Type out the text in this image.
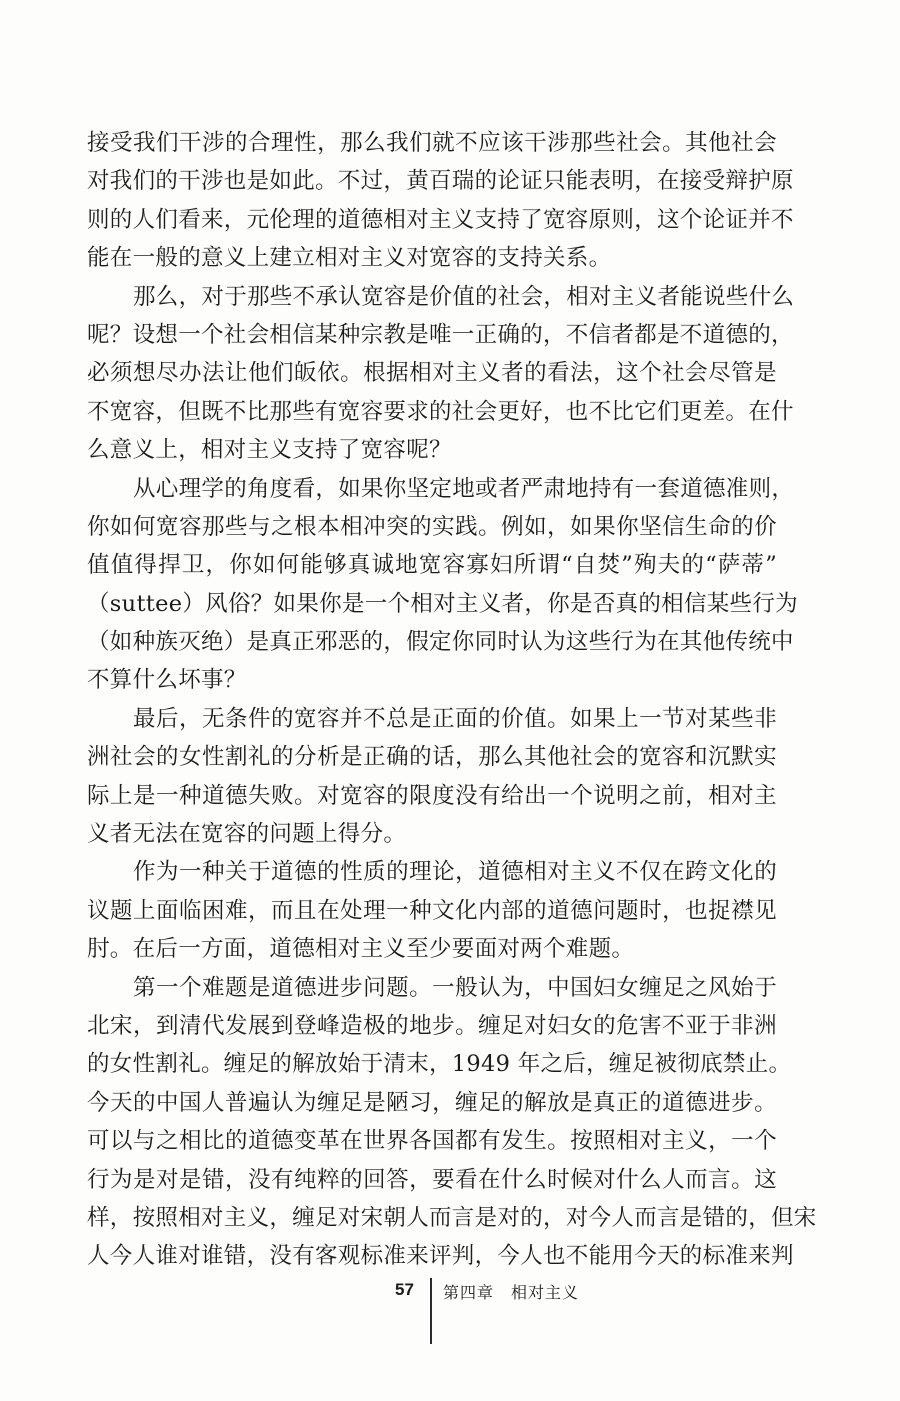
接受我们干涉的合理性，那么我们就不应该干涉那些社会。其他社会
对我们的干涉也是如此。不过，黄百瑞的论证只能表明，在接受辩护原
则的人们看来，元伦理的道德相对主义支持了宽容原则，这个论证并不
能在一般的意义上建立相对主义对宽容的支持关系。
那么，对于那些不承认宽容是价值的社会，相对主义者能说些什么
呢？设想一个社会相信某种宗教是唯一正确的，不信者都是不道德的，
必须想尽办法让他们皈依。根据相对主义者的看法，这个社会尽管是
不宽容，但既不比那些有宽容要求的社会更好，也不比它们更差。在什
么意义上，相对主义支持了宽容呢？
从心理学的角度看，如果你坚定地或者严肃地持有一套道德准则，
你如何宽容那些与之根本相冲突的实践。例如，如果你坚信生命的价
值值得捍卫，你如何能够真诚地宽容寡妇所谓“自焚”殉夫的“萨蒂”
（suttee）风俗？如果你是一个相对主义者，你是否真的相信某些行为
（如种族灭绝）是真正邪恶的，假定你同时认为这些行为在其他传统中
不算什么坏事？
最后，无条件的宽容并不总是正面的价值。如果上一节对某些非
洲社会的女性割礼的分析是正确的话，那么其他社会的宽容和沉默实
际上是一种道德失败。对宽容的限度没有给出一个说明之前，相对主
义者无法在宽容的问题上得分。
作为一种关于道德的性质的理论，道德相对主义不仅在跨文化的
议题上面临困难，而且在处理一种文化内部的道德问题时，也捉襟见
肘。在后一方面，道德相对主义至少要面对两个难题。
第一个难题是道德进步问题。一般认为，中国妇女缠足之风始于
北宋，到清代发展到登峰造极的地步。缠足对妇女的危害不亚于非洲
的女性割礼。缠足的解放始于清末，1949 年之后，缠足被彻底禁止。
今天的中国人普遍认为缠足是陋习，缠足的解放是真正的道德进步。
可以与之相比的道德变革在世界各国都有发生。按照相对主义，一个
行为是对是错，没有纯粹的回答，要看在什么时候对什么人而言。这
样，按照相对主义，缠足对宋朝人而言是对的，对今人而言是错的，但宋
人今人谁对谁错，没有客观标准来评判，今人也不能用今天的标准来判
57 第四章　相对主义
